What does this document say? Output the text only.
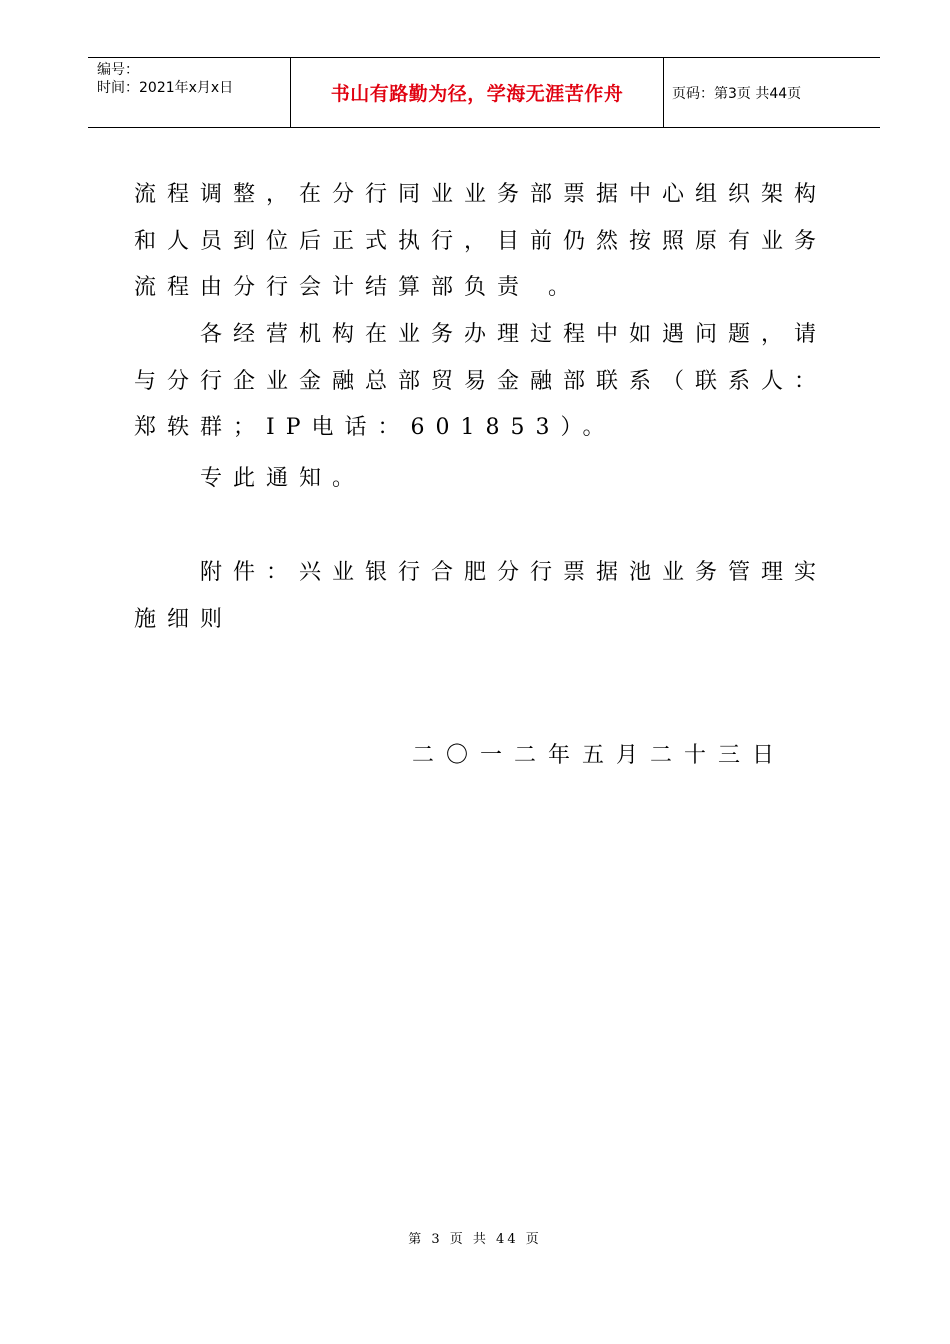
编号：
时间：2021年x月x日	书山有路勤为径，学海无涯苦作舟	页码：第3页 共44页
流程调整，在分行同业业务部票据中心组织架构和人员到位后正式执行，目前仍然按照原有业务流程由分行会计结算部负责 。
各经营机构在业务办理过程中如遇问题，请与分行企业金融总部贸易金融部联系（联系人：郑轶群；IP电话：601853）。
专此通知。
附件：兴业银行合肥分行票据池业务管理实施细则
二〇一二年五月二十三日
第 3 页 共 44 页
